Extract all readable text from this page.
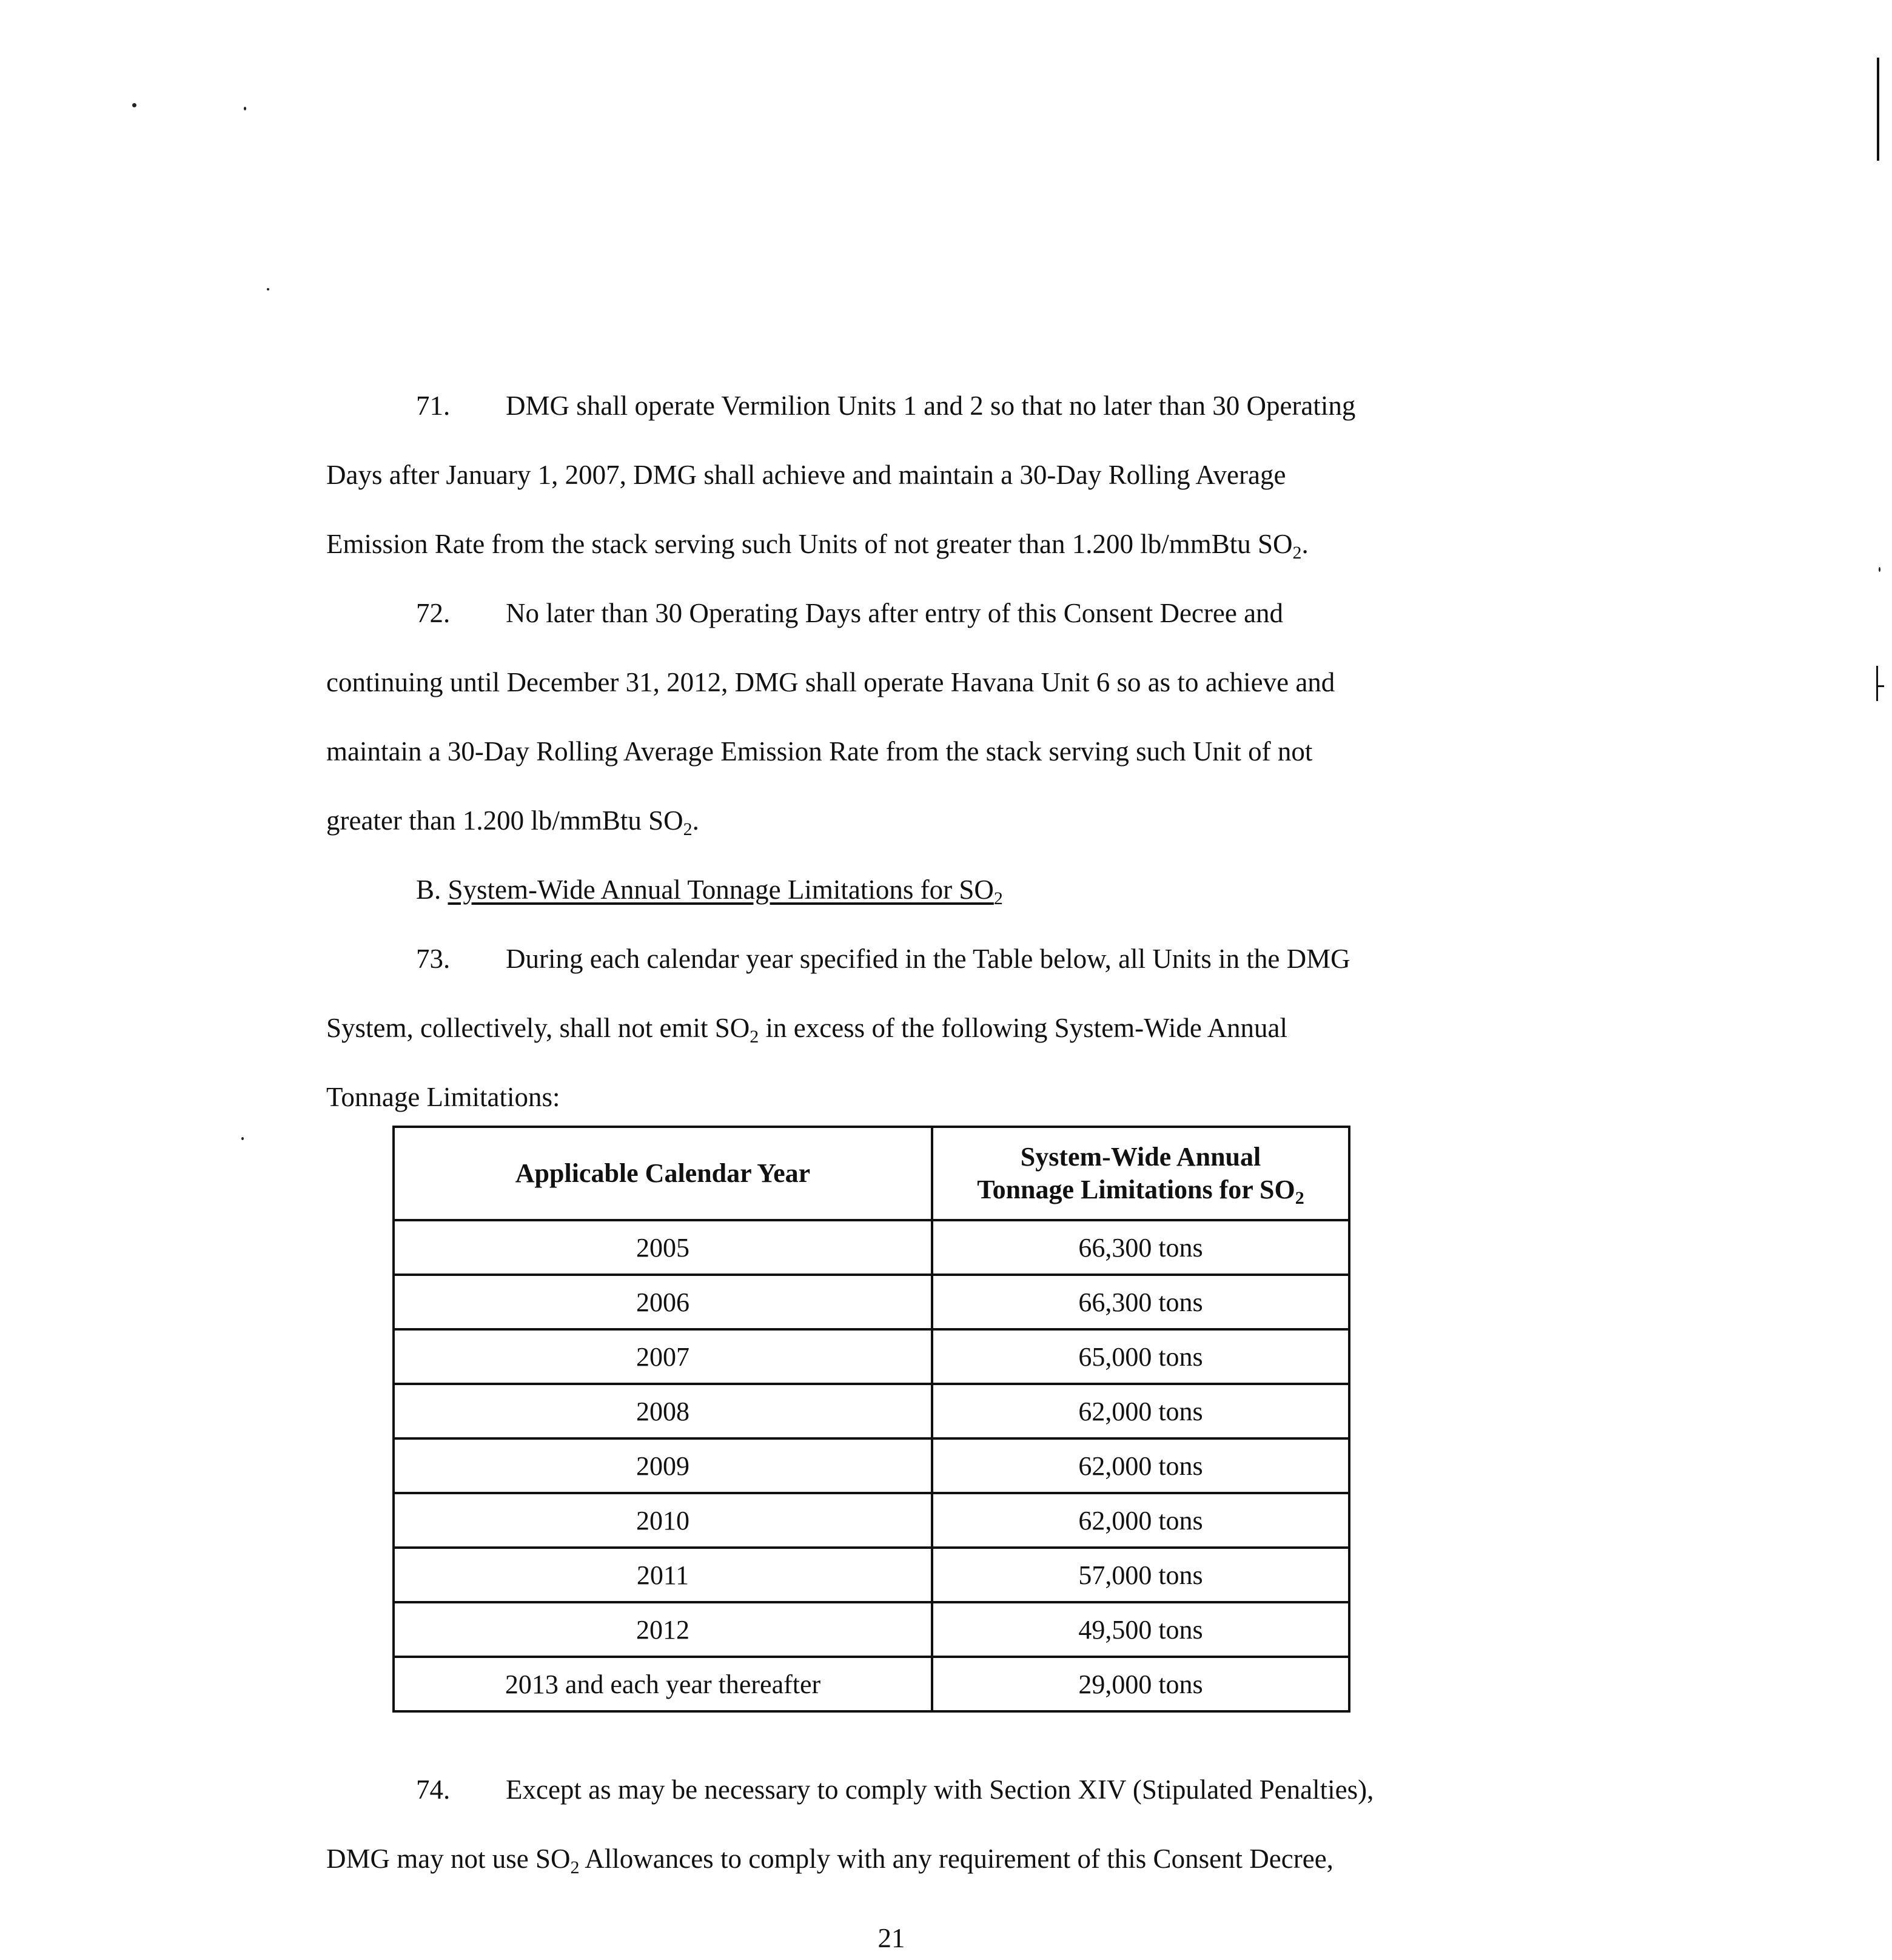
71. DMG shall operate Vermilion Units 1 and 2 so that no later than 30 Operating

Days after January 1, 2007, DMG shall achieve and maintain a 30-Day Rolling Average

Emission Rate from the stack serving such Units of not greater than 1.200 lb/mmBtu $SO_2$.

72. No later than 30 Operating Days after entry of this Consent Decree and

continuing until December 31, 2012, DMG shall operate Havana Unit 6 so as to achieve and

maintain a 30-Day Rolling Average Emission Rate from the stack serving such Unit of not

greater than 1.200 lb/mmBtu $SO_2$.

B. System-Wide Annual Tonnage Limitations for $SO_2$

73. During each calendar year specified in the Table below, all Units in the DMG

System, collectively, shall not emit $SO_2$ in excess of the following System-Wide Annual

Tonnage Limitations:

Applicable Calendar Year	System-Wide Annual
Tonnage Limitations for $SO_2$
2005	66,300 tons
2006	66,300 tons
2007	65,000 tons
2008	62,000 tons
2009	62,000 tons
2010	62,000 tons
2011	57,000 tons
2012	49,500 tons
2013 and each year thereafter	29,000 tons

74. Except as may be necessary to comply with Section XIV (Stipulated Penalties),

DMG may not use $SO_2$ Allowances to comply with any requirement of this Consent Decree,

21
